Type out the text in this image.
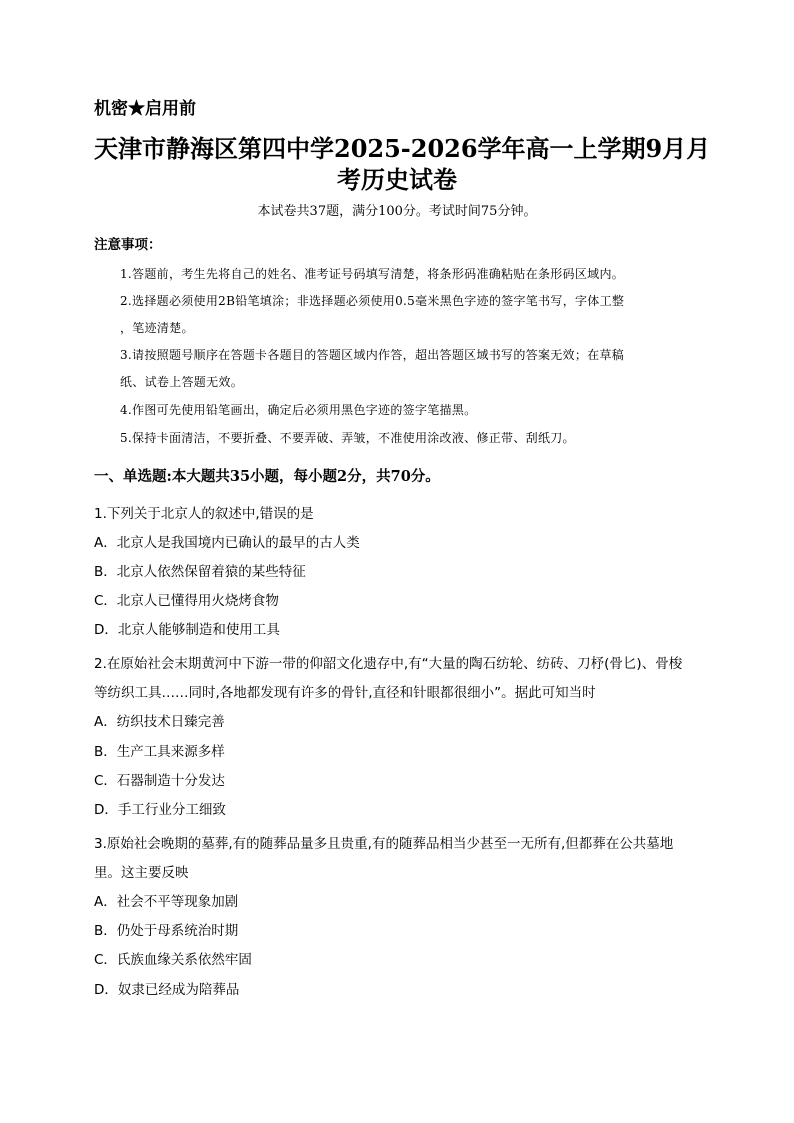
机密★启用前
天津市静海区第四中学2025-2026学年高一上学期9月月
考历史试卷
本试卷共37题，满分100分。考试时间75分钟。
注意事项：
1.答题前，考生先将自己的姓名、准考证号码填写清楚，将条形码准确粘贴在条形码区域内。
2.选择题必须使用2B铅笔填涂；非选择题必须使用0.5毫米黑色字迹的签字笔书写，字体工整
，笔迹清楚。
3.请按照题号顺序在答题卡各题目的答题区域内作答，超出答题区域书写的答案无效；在草稿
纸、试卷上答题无效。
4.作图可先使用铅笔画出，确定后必须用黑色字迹的签字笔描黑。
5.保持卡面清洁，不要折叠、不要弄破、弄皱，不准使用涂改液、修正带、刮纸刀。
一、单选题:本大题共35小题，每小题2分，共70分。
1.下列关于北京人的叙述中,错误的是
A．北京人是我国境内已确认的最早的古人类
B．北京人依然保留着猿的某些特征
C．北京人已懂得用火烧烤食物
D．北京人能够制造和使用工具
2.在原始社会末期黄河中下游一带的仰韶文化遗存中,有“大量的陶石纺轮、纺砖、刀杼(骨匕)、骨梭
等纺织工具……同时,各地都发现有许多的骨针,直径和针眼都很细小”。据此可知当时
A．纺织技术日臻完善
B．生产工具来源多样
C．石器制造十分发达
D．手工行业分工细致
3.原始社会晚期的墓葬,有的随葬品量多且贵重,有的随葬品相当少甚至一无所有,但都葬在公共墓地
里。这主要反映
A．社会不平等现象加剧
B．仍处于母系统治时期
C．氏族血缘关系依然牢固
D．奴隶已经成为陪葬品
